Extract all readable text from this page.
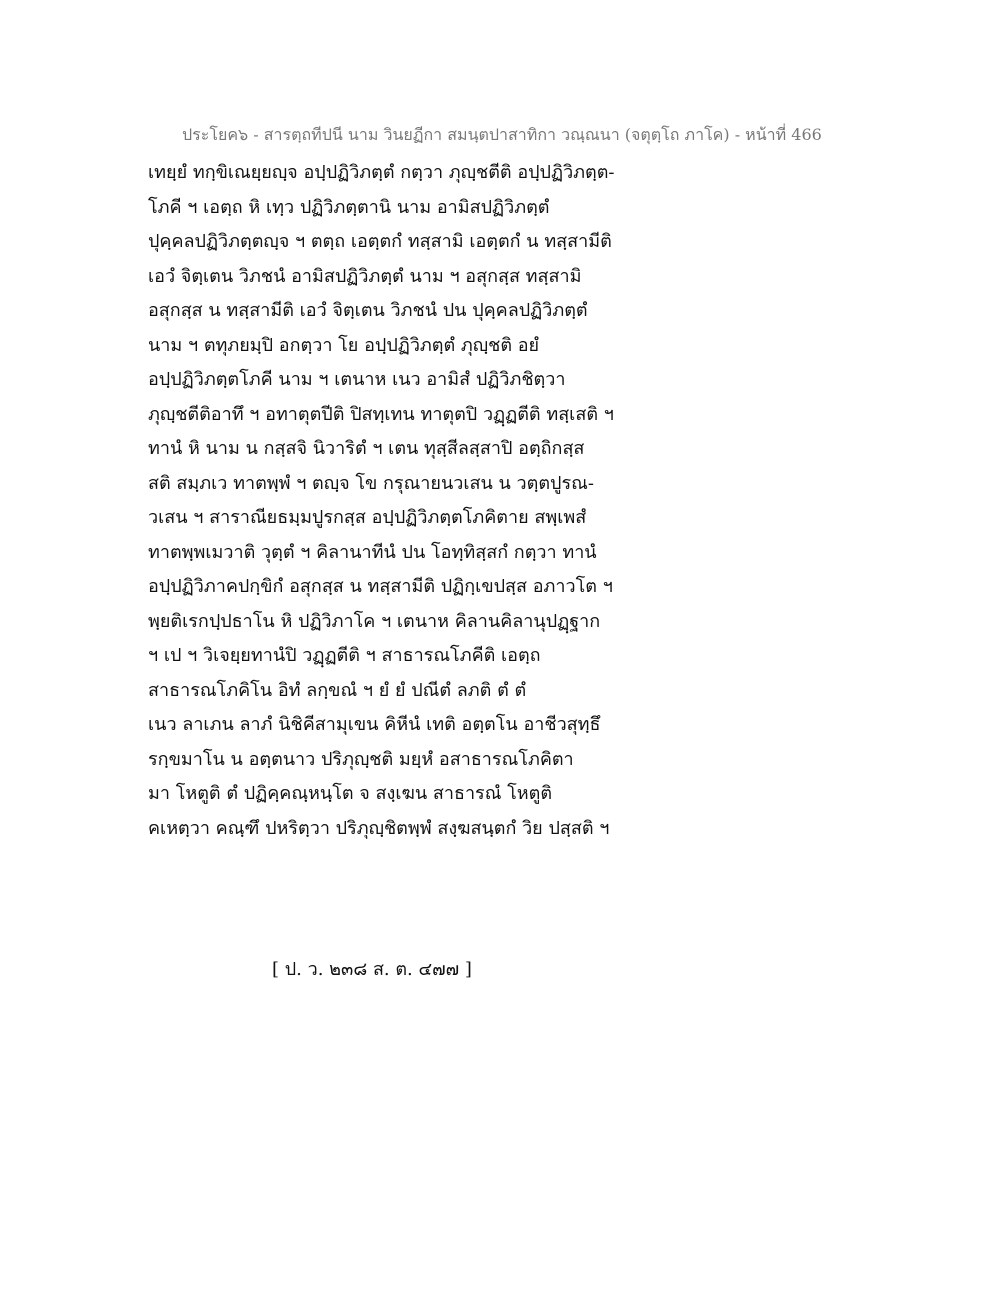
ประโยค๖ - สารตฺถทีปนี นาม วินยฏีกา สมนฺตปาสาทิกา วณฺณนา (จตุตฺโถ ภาโค) - หน้าที่ 466
เทยฺยํ ทกฺขิเณยฺยญฺจ อปฺปฏิวิภตฺตํ กตฺวา ภุญฺชตีติ อปฺปฏิวิภตฺต-
โภคี ฯ เอตฺถ หิ เทฺว ปฏิวิภตฺตานิ นาม อามิสปฏิวิภตฺตํ
ปุคฺคลปฏิวิภตฺตญฺจ ฯ ตตฺถ เอตฺตกํ ทสฺสามิ เอตฺตกํ น ทสฺสามีติ
เอวํ จิตฺเตน วิภชนํ อามิสปฏิวิภตฺตํ นาม ฯ อสุกสฺส ทสฺสามิ
อสุกสฺส น ทสฺสามีติ เอวํ จิตฺเตน วิภชนํ ปน ปุคฺคลปฏิวิภตฺตํ
นาม ฯ ตทุภยมฺปิ อกตฺวา โย อปฺปฏิวิภตฺตํ ภุญฺชติ อยํ
อปฺปฏิวิภตฺตโภคี นาม ฯ เตนาห เนว อามิสํ ปฏิวิภชิตฺวา
ภุญฺชตีติอาทึ ฯ อทาตุตปีติ ปิสทฺเทน ทาตุตปิ วฏฺฏตีติ ทสฺเสติ ฯ
ทานํ หิ นาม น กสฺสจิ นิวาริตํ ฯ เตน ทุสฺสีลสฺสาปิ อตฺถิกสฺส
สติ สมฺภเว ทาตพฺพํ ฯ ตญฺจ โข กรุณายนวเสน น วตฺตปูรณ-
วเสน ฯ สาราณียธมฺมปูรกสฺส อปฺปฏิวิภตฺตโภคิตาย สพฺเพสํ
ทาตพฺพเมวาติ วุตฺตํ ฯ คิลานาทีนํ ปน โอทฺทิสฺสกํ กตฺวา ทานํ
อปฺปฏิวิภาคปกฺขิกํ อสุกสฺส น ทสฺสามีติ ปฏิกฺเขปสฺส อภาวโต ฯ
พฺยติเรกปฺปธาโน หิ ปฏิวิภาโค ฯ เตนาห คิลานคิลานุปฏฺฐาก
ฯ เป ฯ วิเจยฺยทานํปิ วฏฺฏตีติ ฯ สาธารณโภคีติ เอตฺถ
สาธารณโภคิโน อิทํ ลกฺขณํ ฯ ยํ ยํ ปณีตํ ลภติ ตํ ตํ
เนว ลาเภน ลาภํ นิชิคีสามุเขน คิหีนํ เทติ อตฺตโน อาชีวสุทฺธึ
รกฺขมาโน น อตฺตนาว ปริภุญฺชติ มยฺหํ อสาธารณโภคิตา
มา โหตูติ ตํ ปฏิคฺคณฺหนฺโต จ สงฺเฆน สาธารณํ โหตูติ
คเหตฺวา คณฺฑึ ปหริตฺวา ปริภุญฺชิตพฺพํ สงฺฆสนฺตกํ วิย ปสฺสติ ฯ
[ ป. ว. ๒๓๘ ส. ต. ๔๗๗ ]
